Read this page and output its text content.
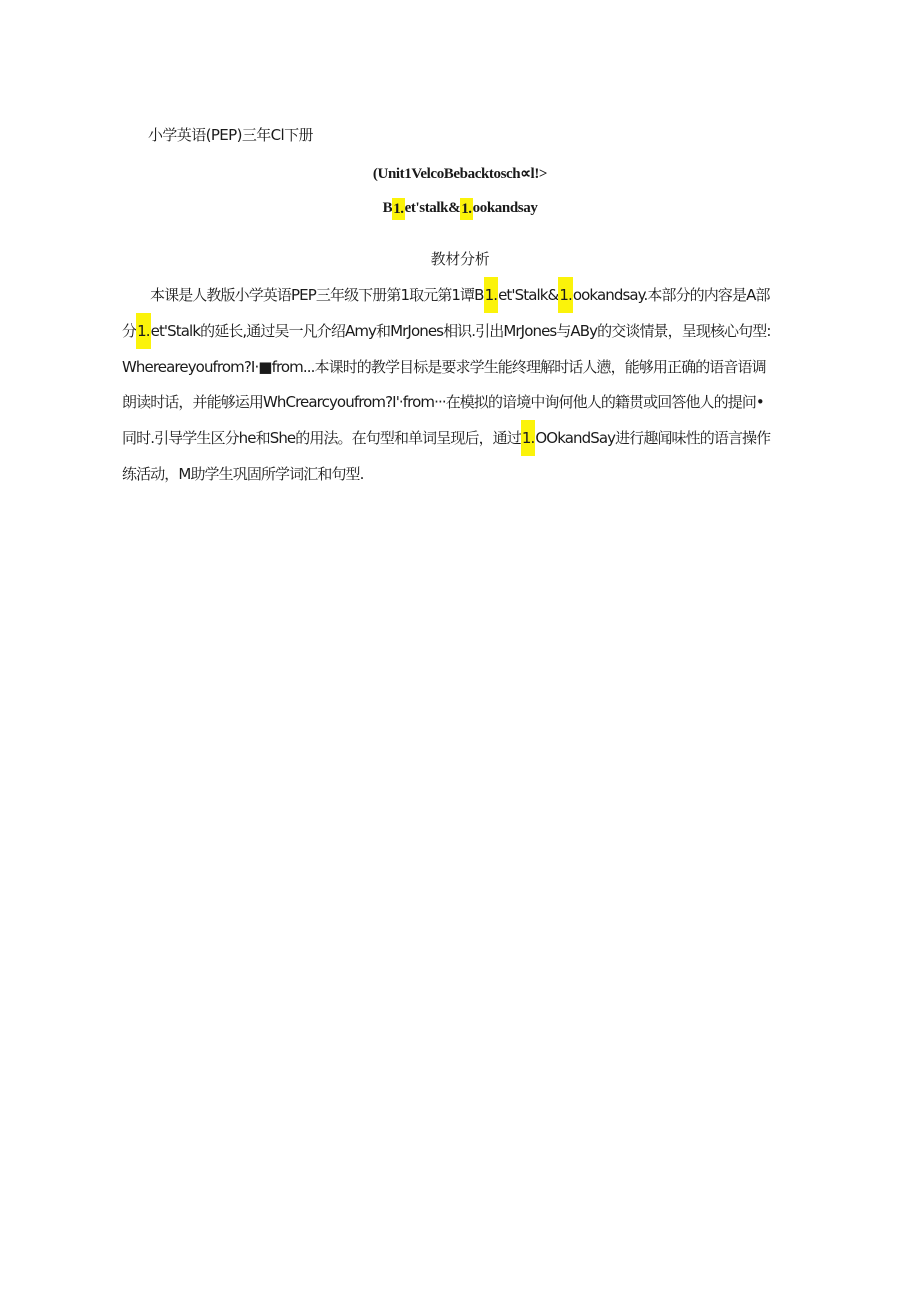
小学英语(PEP)三年Cl下册
(Unit1VelcoBebacktosch∝l!>
B1.et'stalk&1.ookandsay
教材分析
本课是人教版小学英语PEP三年级下册第1取元第1谭B1.et'Stalk&1.ookandsay.本部分的内容是A部
分1.et'Stalk的延长,通过吴一凡介绍Amy和MrJones相识.引出MrJones与ABy的交谈情景，呈现核心句型:
Whereareyoufrom?I·■from...本课时的教学目标是要求学生能终理解时话人懑，能够用正确的语音语调
朗读时话，并能够运用WhCrearcyoufrom?I'·from···在模拟的谙境中询何他人的籍贯或回答他人的提问•
同时.引导学生区分he和She的用法。在句型和单词呈现后，通过1.OOkandSay进行趣闻味性的语言操作
练活动，M助学生巩固所学词汇和句型.
